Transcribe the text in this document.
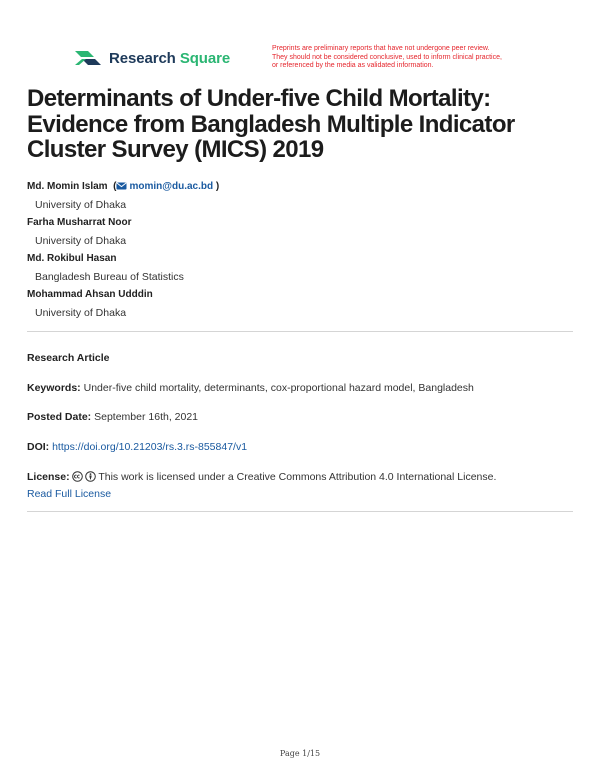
Research Square
Preprints are preliminary reports that have not undergone peer review.
They should not be considered conclusive, used to inform clinical practice,
or referenced by the media as validated information.
Determinants of Under-five Child Mortality: Evidence from Bangladesh Multiple Indicator Cluster Survey (MICS) 2019
Md. Momin Islam  ( momin@du.ac.bd )
University of Dhaka
Farha Musharrat Noor
University of Dhaka
Md. Rokibul Hasan
Bangladesh Bureau of Statistics
Mohammad Ahsan Udddin
University of Dhaka
Research Article
Keywords: Under-five child mortality, determinants, cox-proportional hazard model, Bangladesh
Posted Date: September 16th, 2021
DOI: https://doi.org/10.21203/rs.3.rs-855847/v1
License:	This work is licensed under a Creative Commons Attribution 4.0 International License.
Read Full License
Page 1/15
